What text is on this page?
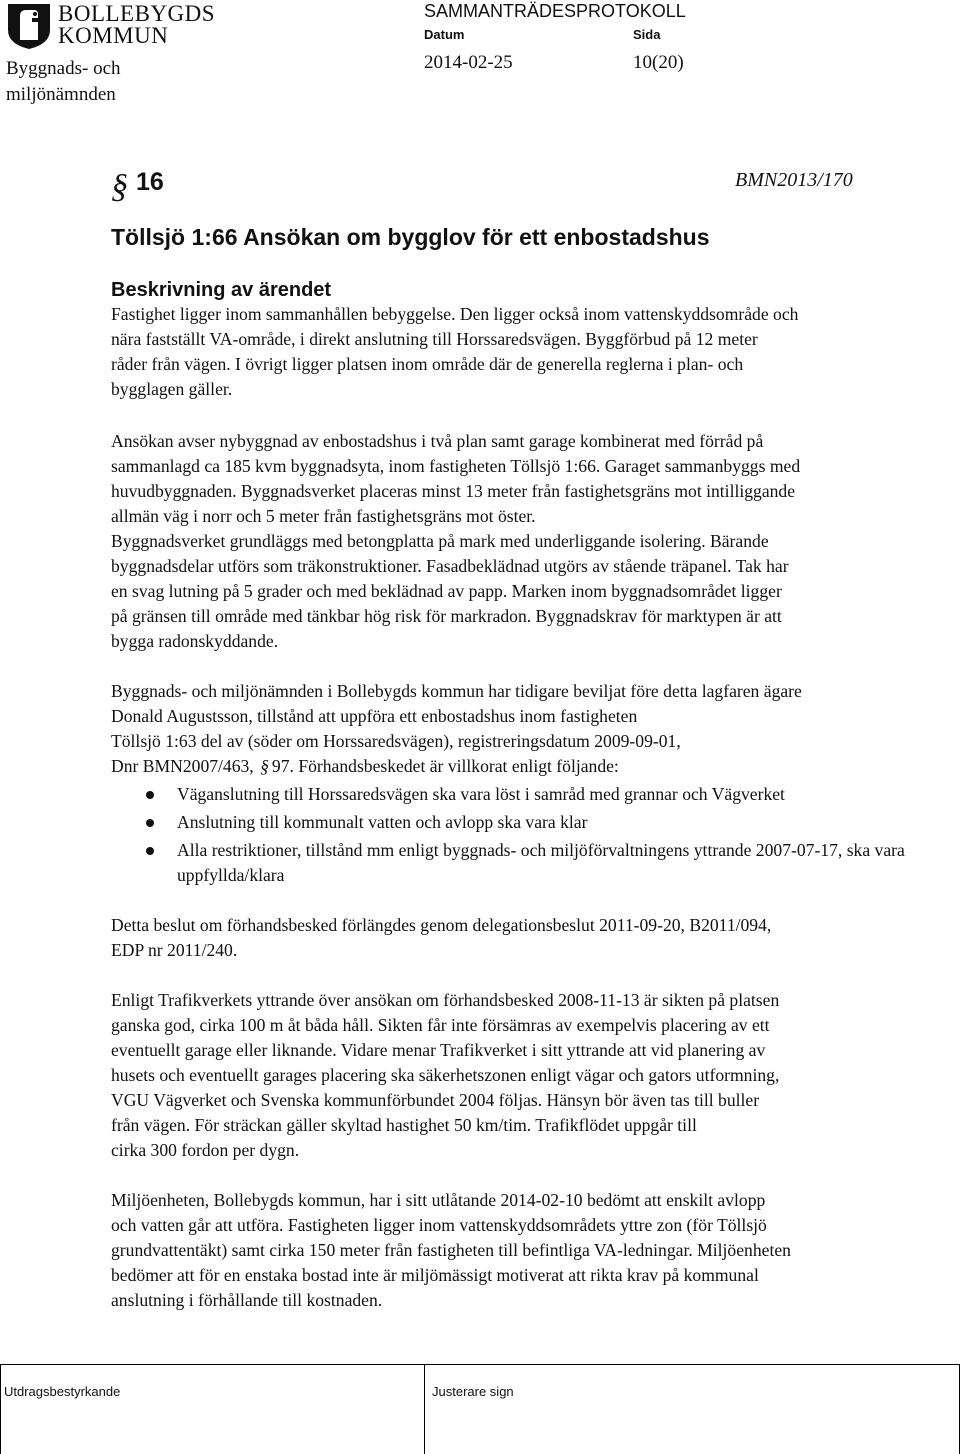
BOLLEBYGDS
KOMMUN
Byggnads- och
miljönämnden
SAMMANTRÄDESPROTOKOLL
Datum	Sida
2014-02-25	10(20)
§ 16	BMN2013/170
Töllsjö 1:66 Ansökan om bygglov för ett enbostadshus
Beskrivning av ärendet
Fastighet ligger inom sammanhållen bebyggelse. Den ligger också inom vattenskyddsområde och
nära fastställt VA-område, i direkt anslutning till Horssaredsvägen. Byggförbud på 12 meter
råder från vägen. I övrigt ligger platsen inom område där de generella reglerna i plan- och
bygglagen gäller.
Ansökan avser nybyggnad av enbostadshus i två plan samt garage kombinerat med förråd på
sammanlagd ca 185 kvm byggnadsyta, inom fastigheten Töllsjö 1:66. Garaget sammanbyggs med
huvudbyggnaden. Byggnadsverket placeras minst 13 meter från fastighetsgräns mot intilliggande
allmän väg i norr och 5 meter från fastighetsgräns mot öster.
Byggnadsverket grundläggs med betongplatta på mark med underliggande isolering. Bärande
byggnadsdelar utförs som träkonstruktioner. Fasadbeklädnad utgörs av stående träpanel. Tak har
en svag lutning på 5 grader och med beklädnad av papp. Marken inom byggnadsområdet ligger
på gränsen till område med tänkbar hög risk för markradon. Byggnadskrav för marktypen är att
bygga radonskyddande.
Byggnads- och miljönämnden i Bollebygds kommun har tidigare beviljat före detta lagfaren ägare
Donald Augustsson, tillstånd att uppföra ett enbostadshus inom fastigheten
Töllsjö 1:63 del av (söder om Horssaredsvägen), registreringsdatum 2009-09-01,
Dnr BMN2007/463, § 97. Förhandsbeskedet är villkorat enligt följande:
Väganslutning till Horssaredsvägen ska vara löst i samråd med grannar och Vägverket
Anslutning till kommunalt vatten och avlopp ska vara klar
Alla restriktioner, tillstånd mm enligt byggnads- och miljöförvaltningens yttrande 2007-07-17, ska vara uppfyllda/klara
Detta beslut om förhandsbesked förlängdes genom delegationsbeslut 2011-09-20, B2011/094,
EDP nr 2011/240.
Enligt Trafikverkets yttrande över ansökan om förhandsbesked 2008-11-13 är sikten på platsen
ganska god, cirka 100 m åt båda håll. Sikten får inte försämras av exempelvis placering av ett
eventuellt garage eller liknande. Vidare menar Trafikverket i sitt yttrande att vid planering av
husets och eventuellt garages placering ska säkerhetszonen enligt vägar och gators utformning,
VGU Vägverket och Svenska kommunförbundet 2004 följas. Hänsyn bör även tas till buller
från vägen. För sträckan gäller skyltad hastighet 50 km/tim. Trafikflödet uppgår till
cirka 300 fordon per dygn.
Miljöenheten, Bollebygds kommun, har i sitt utlåtande 2014-02-10 bedömt att enskilt avlopp
och vatten går att utföra. Fastigheten ligger inom vattenskyddsområdets yttre zon (för Töllsjö
grundvattentäkt) samt cirka 150 meter från fastigheten till befintliga VA-ledningar. Miljöenheten
bedömer att för en enstaka bostad inte är miljömässigt motiverat att rikta krav på kommunal
anslutning i förhållande till kostnaden.
Utdragsbestyrkande	Justerare sign
